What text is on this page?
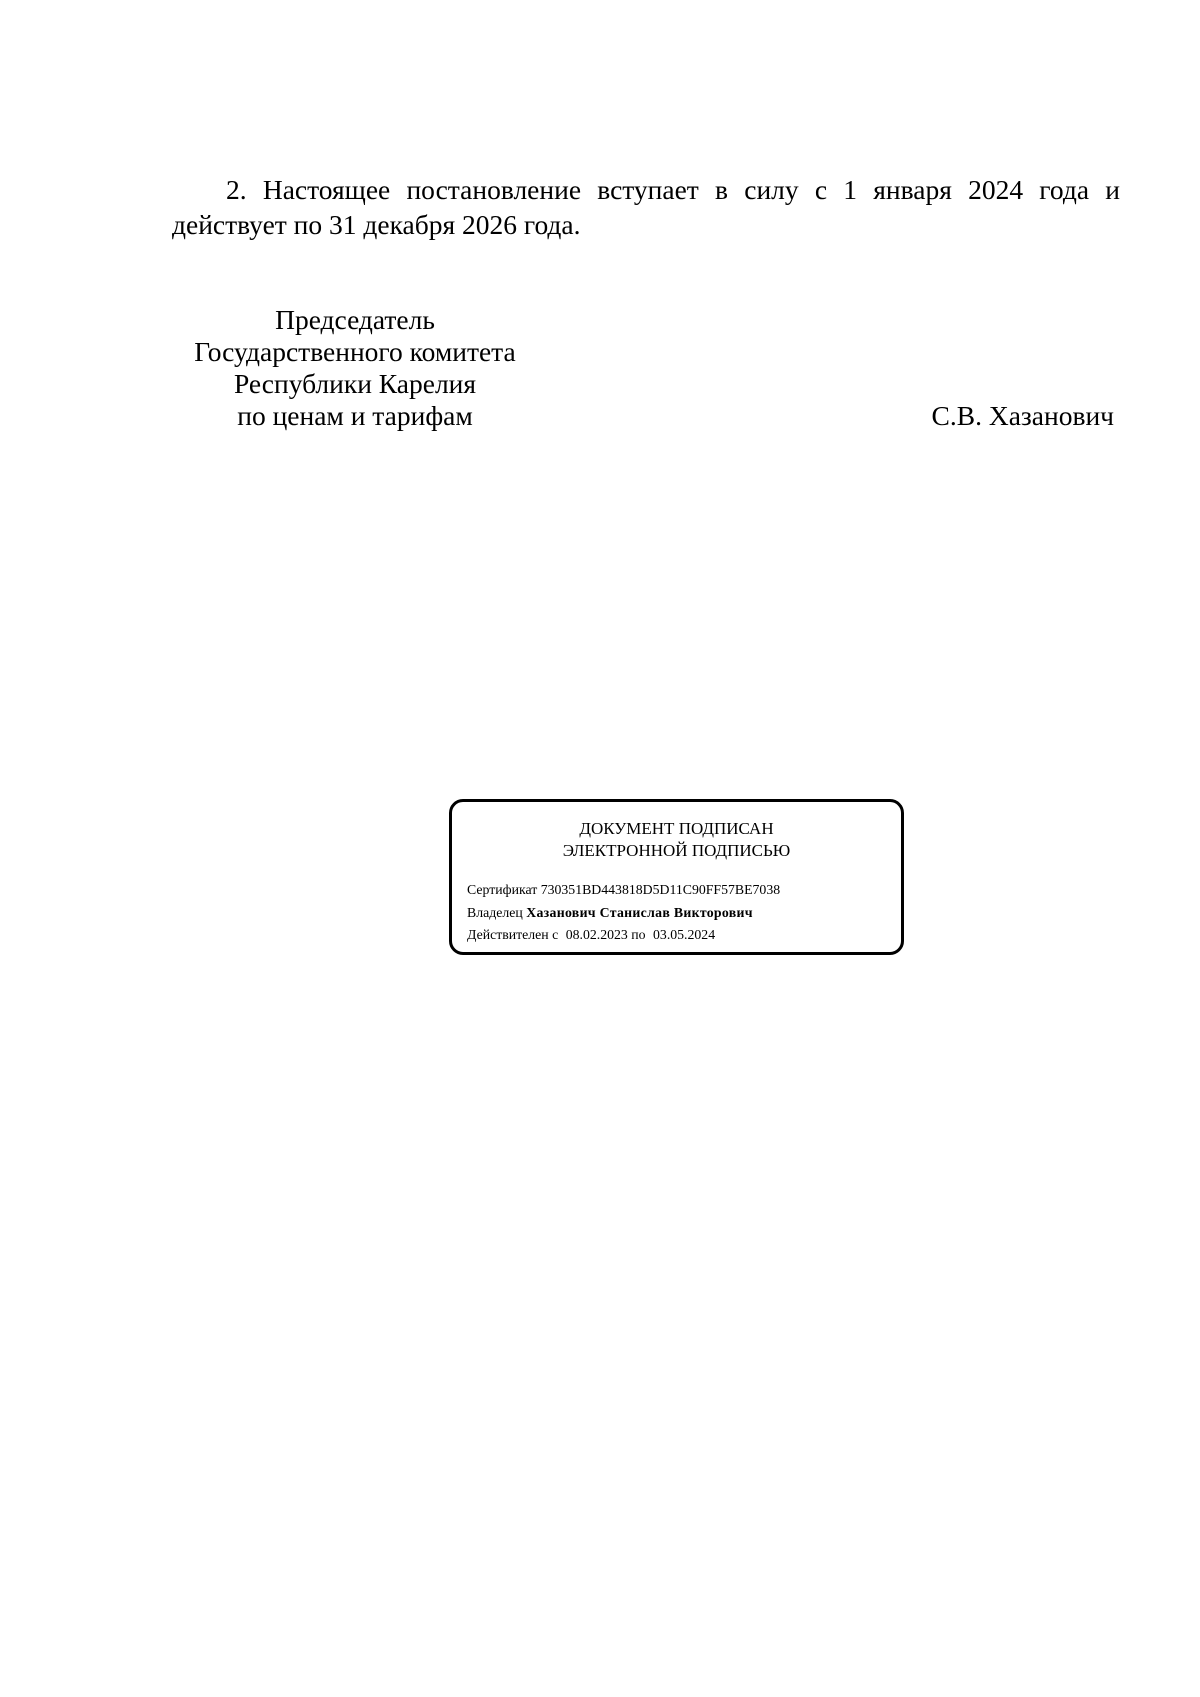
2. Настоящее постановление вступает в силу с 1 января 2024 года и
действует по 31 декабря 2026 года.

Председатель
Государственного комитета
Республики Карелия
по ценам и тарифам	С.В. Хазанович
ДОКУМЕНТ ПОДПИСАН
ЭЛЕКТРОННОЙ ПОДПИСЬЮ
Сертификат 730351BD443818D5D11C90FF57BE7038
Владелец Хазанович Станислав Викторович
Действителен с 08.02.2023 по 03.05.2024
